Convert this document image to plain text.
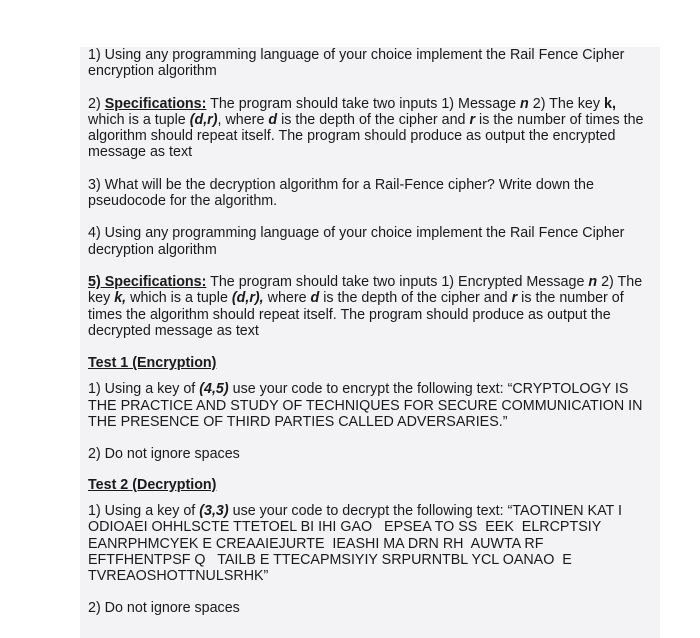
1) Using any programming language of your choice implement the Rail Fence Cipher
encryption algorithm

2) Specifications: The program should take two inputs 1) Message n 2) The key k,
which is a tuple (d,r), where d is the depth of the cipher and r is the number of times the
algorithm should repeat itself. The program should produce as output the encrypted
message as text

3) What will be the decryption algorithm for a Rail-Fence cipher? Write down the
pseudocode for the algorithm.

4) Using any programming language of your choice implement the Rail Fence Cipher
decryption algorithm

5) Specifications: The program should take two inputs 1) Encrypted Message n 2) The
key k, which is a tuple (d,r), where d is the depth of the cipher and r is the number of
times the algorithm should repeat itself. The program should produce as output the
decrypted message as text

Test 1 (Encryption)

1) Using a key of (4,5) use your code to encrypt the following text: “CRYPTOLOGY IS
THE PRACTICE AND STUDY OF TECHNIQUES FOR SECURE COMMUNICATION IN
THE PRESENCE OF THIRD PARTIES CALLED ADVERSARIES.”

2) Do not ignore spaces

Test 2 (Decryption)

1) Using a key of (3,3) use your code to decrypt the following text: “TAOTINEN KAT I
ODIOAEI OHHLSCTE TTETOEL BI IHI GAO   EPSEA TO SS  EEK  ELRCPTSIY
EANRPHMCYEK E CREAAIEJURTE  IEASHI MA DRN RH  AUWTA RF
EFTFHENTPSF Q   TAILB E TTECAPMSIYIY SRPURNTBL YCL OANAO  E
TVREAOSHOTTNULSRHK”

2) Do not ignore spaces
